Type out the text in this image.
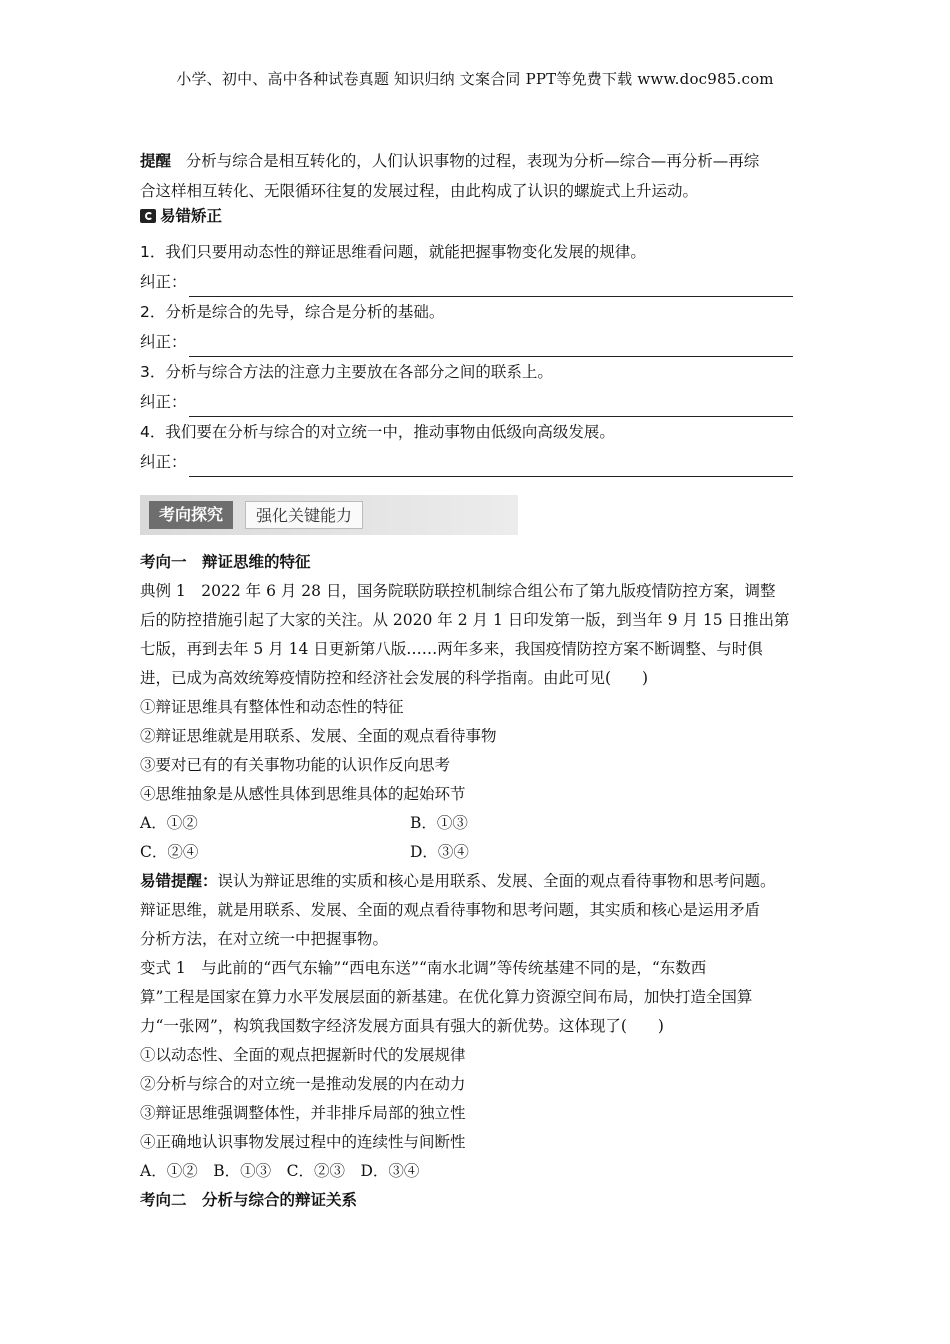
小学、初中、高中各种试卷真题 知识归纳 文案合同 PPT等免费下载 www.doc985.com
提醒 分析与综合是相互转化的，人们认识事物的过程，表现为分析—综合—再分析—再综
合这样相互转化、无限循环往复的发展过程，由此构成了认识的螺旋式上升运动。
易错矫正
1．我们只要用动态性的辩证思维看问题，就能把握事物变化发展的规律。
纠正：
2．分析是综合的先导，综合是分析的基础。
纠正：
3．分析与综合方法的注意力主要放在各部分之间的联系上。
纠正：
4．我们要在分析与综合的对立统一中，推动事物由低级向高级发展。
纠正：
考向探究	强化关键能力
考向一　辩证思维的特征
典例 1　2022 年 6 月 28 日，国务院联防联控机制综合组公布了第九版疫情防控方案，调整
后的防控措施引起了大家的关注。从 2020 年 2 月 1 日印发第一版，到当年 9 月 15 日推出第
七版，再到去年 5 月 14 日更新第八版……两年多来，我国疫情防控方案不断调整、与时俱
进，已成为高效统筹疫情防控和经济社会发展的科学指南。由此可见(　　)
①辩证思维具有整体性和动态性的特征
②辩证思维就是用联系、发展、全面的观点看待事物
③要对已有的有关事物功能的认识作反向思考
④思维抽象是从感性具体到思维具体的起始环节
A．①②	B．①③
C．②④	D．③④
易错提醒：误认为辩证思维的实质和核心是用联系、发展、全面的观点看待事物和思考问题。
辩证思维，就是用联系、发展、全面的观点看待事物和思考问题，其实质和核心是运用矛盾
分析方法，在对立统一中把握事物。
变式 1　与此前的“西气东输”“西电东送”“南水北调”等传统基建不同的是，“东数西
算”工程是国家在算力水平发展层面的新基建。在优化算力资源空间布局，加快打造全国算
力“一张网”，构筑我国数字经济发展方面具有强大的新优势。这体现了(　　)
①以动态性、全面的观点把握新时代的发展规律
②分析与综合的对立统一是推动发展的内在动力
③辩证思维强调整体性，并非排斥局部的独立性
④正确地认识事物发展过程中的连续性与间断性
A．①②　B．①③　C．②③　D．③④
考向二　分析与综合的辩证关系
